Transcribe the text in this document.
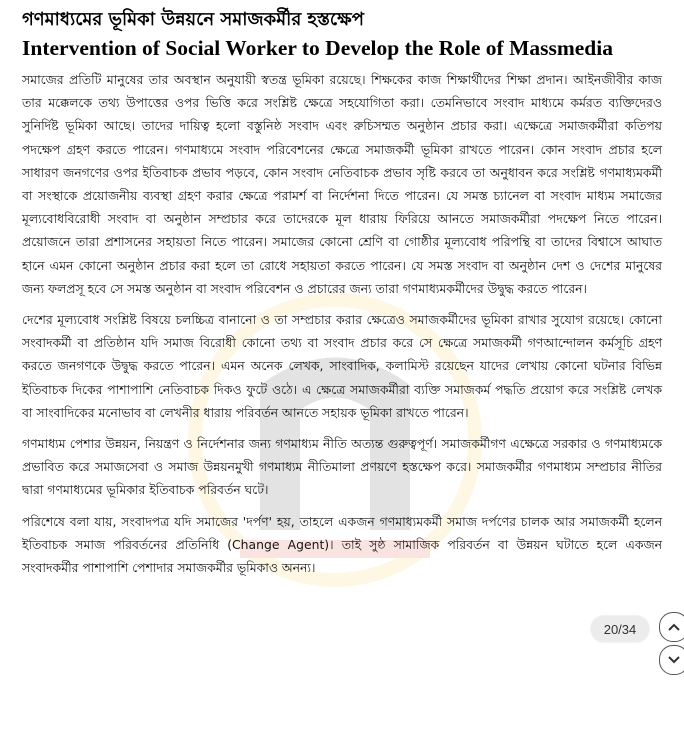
গণমাধ্যমের ভূমিকা উন্নয়নে সমাজকর্মীর হস্তক্ষেপ
Intervention of Social Worker to Develop the Role of Massmedia

সমাজের প্রতিটি মানুষের তার অবস্থান অনুযায়ী স্বতন্ত্র ভূমিকা রয়েছে। শিক্ষকের কাজ শিক্ষার্থীদের শিক্ষা প্রদান। আইনজীবীর কাজ তার মক্কেলকে তথ্য উপাত্তের ওপর ভিত্তি করে সংশ্লিষ্ট ক্ষেত্রে সহযোগিতা করা। তেমনিভাবে সংবাদ মাধ্যমে কর্মরত ব্যক্তিদেরও সুনির্দিষ্ট ভূমিকা আছে। তাদের দায়িত্ব হলো বস্তুনিষ্ঠ সংবাদ এবং রুচিসম্মত অনুষ্ঠান প্রচার করা। এক্ষেত্রে সমাজকর্মীরা কতিপয় পদক্ষেপ গ্রহণ করতে পারেন। গণমাধ্যমে সংবাদ পরিবেশনের ক্ষেত্রে সমাজকর্মী ভূমিকা রাখতে পারেন। কোন সংবাদ প্রচার হলে সাধারণ জনগণের ওপর ইতিবাচক প্রভাব পড়বে, কোন সংবাদ নেতিবাচক প্রভাব সৃষ্টি করবে তা অনুধাবন করে সংশ্লিষ্ট গণমাধ্যমকর্মী বা সংস্থাকে প্রয়োজনীয় ব্যবস্থা গ্রহণ করার ক্ষেত্রে পরামর্শ বা নির্দেশনা দিতে পারেন। যে সমস্ত চ্যানেল বা সংবাদ মাধ্যম সমাজের মূল্যবোধবিরোধী সংবাদ বা অনুষ্ঠান সম্প্রচার করে তাদেরকে মূল ধারায় ফিরিয়ে আনতে সমাজকর্মীরা পদক্ষেপ নিতে পারেন। প্রয়োজনে তারা প্রশাসনের সহায়তা নিতে পারেন। সমাজের কোনো শ্রেণি বা গোষ্ঠীর মূল্যবোধ পরিপন্থি বা তাদের বিশ্বাসে আঘাত হানে এমন কোনো অনুষ্ঠান প্রচার করা হলে তা রোধে সহায়তা করতে পারেন। যে সমস্ত সংবাদ বা অনুষ্ঠান দেশ ও দেশের মানুষের জন্য ফলপ্রসূ হবে সে সমস্ত অনুষ্ঠান বা সংবাদ পরিবেশন ও প্রচারের জন্য তারা গণমাধ্যমকর্মীদের উদ্বুদ্ধ করতে পারেন।

দেশের মূল্যবোধ সংশ্লিষ্ট বিষয়ে চলচ্চিত্র বানানো ও তা সম্প্রচার করার ক্ষেত্রেও সমাজকর্মীদের ভূমিকা রাখার সুযোগ রয়েছে। কোনো সংবাদকর্মী বা প্রতিষ্ঠান যদি সমাজ বিরোধী কোনো তথ্য বা সংবাদ প্রচার করে সে ক্ষেত্রে সমাজকর্মী গণআন্দোলন কর্মসূচি গ্রহণ করতে জনগণকে উদ্বুদ্ধ করতে পারেন। এমন অনেক লেখক, সাংবাদিক, কলামিস্ট রয়েছেন যাদের লেখায় কোনো ঘটনার বিভিন্ন ইতিবাচক দিকের পাশাপাশি নেতিবাচক দিকও ফুটে ওঠে। এ ক্ষেত্রে সমাজকর্মীরা ব্যক্তি সমাজকর্ম পদ্ধতি প্রয়োগ করে সংশ্লিষ্ট লেখক বা সাংবাদিকের মনোভাব বা লেখনীর ধারায় পরিবর্তন আনতে সহায়ক ভূমিকা রাখতে পারেন।

গণমাধ্যম পেশার উন্নয়ন, নিয়ন্ত্রণ ও নির্দেশনার জন্য গণমাধ্যম নীতি অত্যন্ত গুরুত্বপূর্ণ। সমাজকর্মীগণ এক্ষেত্রে সরকার ও গণমাধ্যমকে প্রভাবিত করে সমাজসেবা ও সমাজ উন্নয়নমুখী গণমাধ্যম নীতিমালা প্রণয়ণে হস্তক্ষেপ করে। সমাজকর্মীর গণমাধ্যম সম্প্রচার নীতির দ্বারা গণমাধ্যমের ভূমিকার ইতিবাচক পরিবর্তন ঘটে।

পরিশেষে বলা যায়, সংবাদপত্র যদি সমাজের 'দর্পণ' হয়, তাহলে একজন গণমাধ্যমকর্মী সমাজ দর্পণের চালক আর সমাজকর্মী হলেন ইতিবাচক সমাজ পরিবর্তনের প্রতিনিধি (Change Agent)। তাই সুষ্ঠ সামাজিক পরিবর্তন বা উন্নয়ন ঘটাতে হলে একজন সংবাদকর্মীর পাশাপাশি পেশাদার সমাজকর্মীর ভূমিকাও অনন্য।

20/34
